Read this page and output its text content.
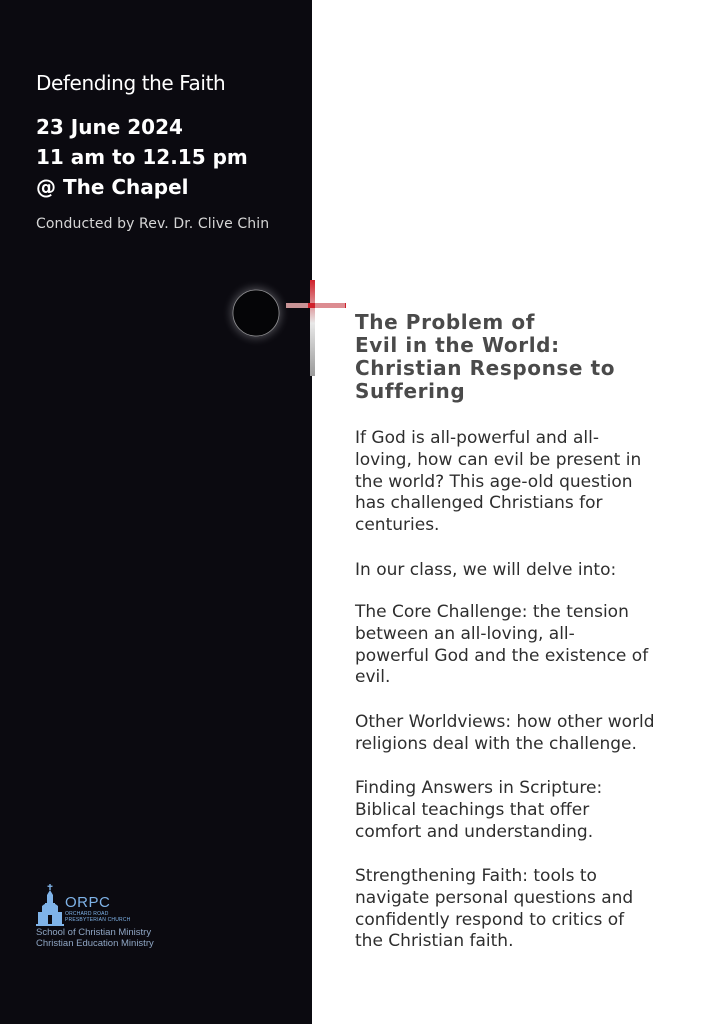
Defending the Faith
23 June 2024
11 am to 12.15 pm
@ The Chapel
Conducted by Rev. Dr. Clive Chin
ORPC
ORCHARD ROAD
PRESBYTERIAN CHURCH
School of Christian Ministry
Christian Education Ministry
The Problem of
Evil in the World:
Christian Response to
Suffering

If God is all-powerful and all-
loving, how can evil be present in
the world? This age-old question
has challenged Christians for
centuries.

In our class, we will delve into:

The Core Challenge: the tension
between an all-loving, all-
powerful God and the existence of
evil.

Other Worldviews: how other world
religions deal with the challenge.

Finding Answers in Scripture:
Biblical teachings that offer
comfort and understanding.

Strengthening Faith: tools to
navigate personal questions and
confidently respond to critics of
the Christian faith.
